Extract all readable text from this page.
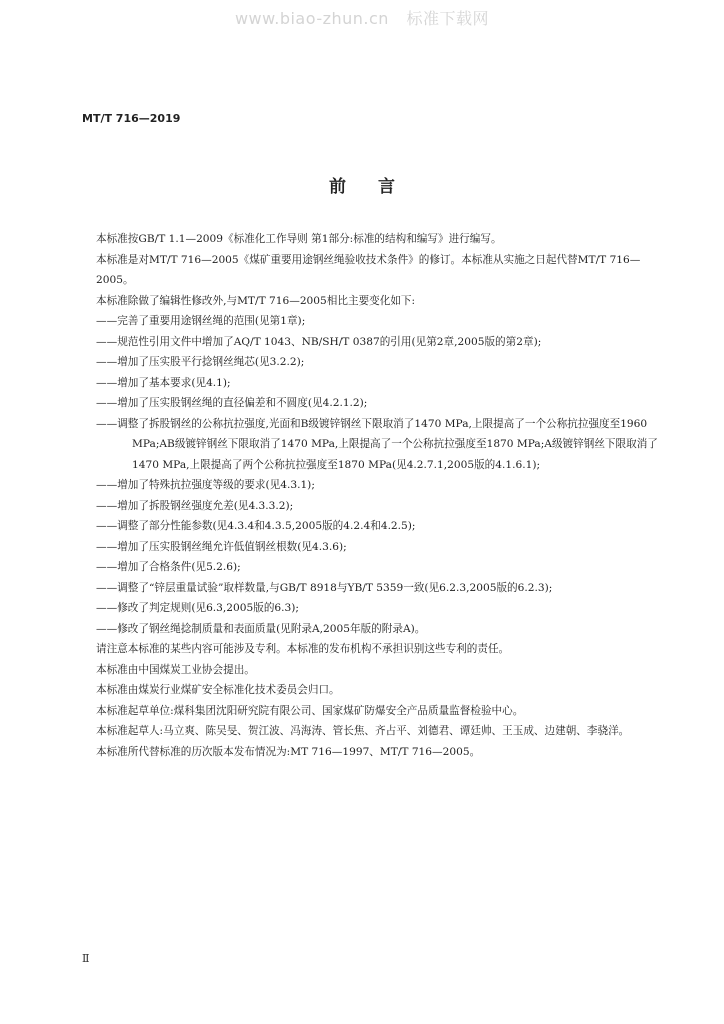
www.biao-zhun.cn 标准下载网
MT/T 716—2019
前言

本标准按GB/T 1.1—2009《标准化工作导则 第1部分:标准的结构和编写》进行编写。

本标准是对MT/T 716—2005《煤矿重要用途钢丝绳验收技术条件》的修订。本标准从实施之日起代替MT/T 716—2005。

本标准除做了编辑性修改外,与MT/T 716—2005相比主要变化如下:

——完善了重要用途钢丝绳的范围(见第1章);

——规范性引用文件中增加了AQ/T 1043、NB/SH/T 0387的引用(见第2章,2005版的第2章);

——增加了压实股平行捻钢丝绳芯(见3.2.2);

——增加了基本要求(见4.1);

——增加了压实股钢丝绳的直径偏差和不圆度(见4.2.1.2);

——调整了拆股钢丝的公称抗拉强度,光面和B级镀锌钢丝下限取消了1470 MPa,上限提高了一个公称抗拉强度至1960 MPa;AB级镀锌钢丝下限取消了1470 MPa,上限提高了一个公称抗拉强度至1870 MPa;A级镀锌钢丝下限取消了1470 MPa,上限提高了两个公称抗拉强度至1870 MPa(见4.2.7.1,2005版的4.1.6.1);

——增加了特殊抗拉强度等级的要求(见4.3.1);

——增加了拆股钢丝强度允差(见4.3.3.2);

——调整了部分性能参数(见4.3.4和4.3.5,2005版的4.2.4和4.2.5);

——增加了压实股钢丝绳允许低值钢丝根数(见4.3.6);

——增加了合格条件(见5.2.6);

——调整了“锌层重量试验”取样数量,与GB/T 8918与YB/T 5359一致(见6.2.3,2005版的6.2.3);

——修改了判定规则(见6.3,2005版的6.3);

——修改了钢丝绳捻制质量和表面质量(见附录A,2005年版的附录A)。

请注意本标准的某些内容可能涉及专利。本标准的发布机构不承担识别这些专利的责任。

本标准由中国煤炭工业协会提出。

本标准由煤炭行业煤矿安全标准化技术委员会归口。

本标准起草单位:煤科集团沈阳研究院有限公司、国家煤矿防爆安全产品质量监督检验中心。

本标准起草人:马立爽、陈吴旻、贺江波、冯海涛、管长焦、齐占平、刘德君、谭廷帅、王玉成、边建朝、李骁洋。

本标准所代替标准的历次版本发布情况为:MT 716—1997、MT/T 716—2005。

Ⅱ
